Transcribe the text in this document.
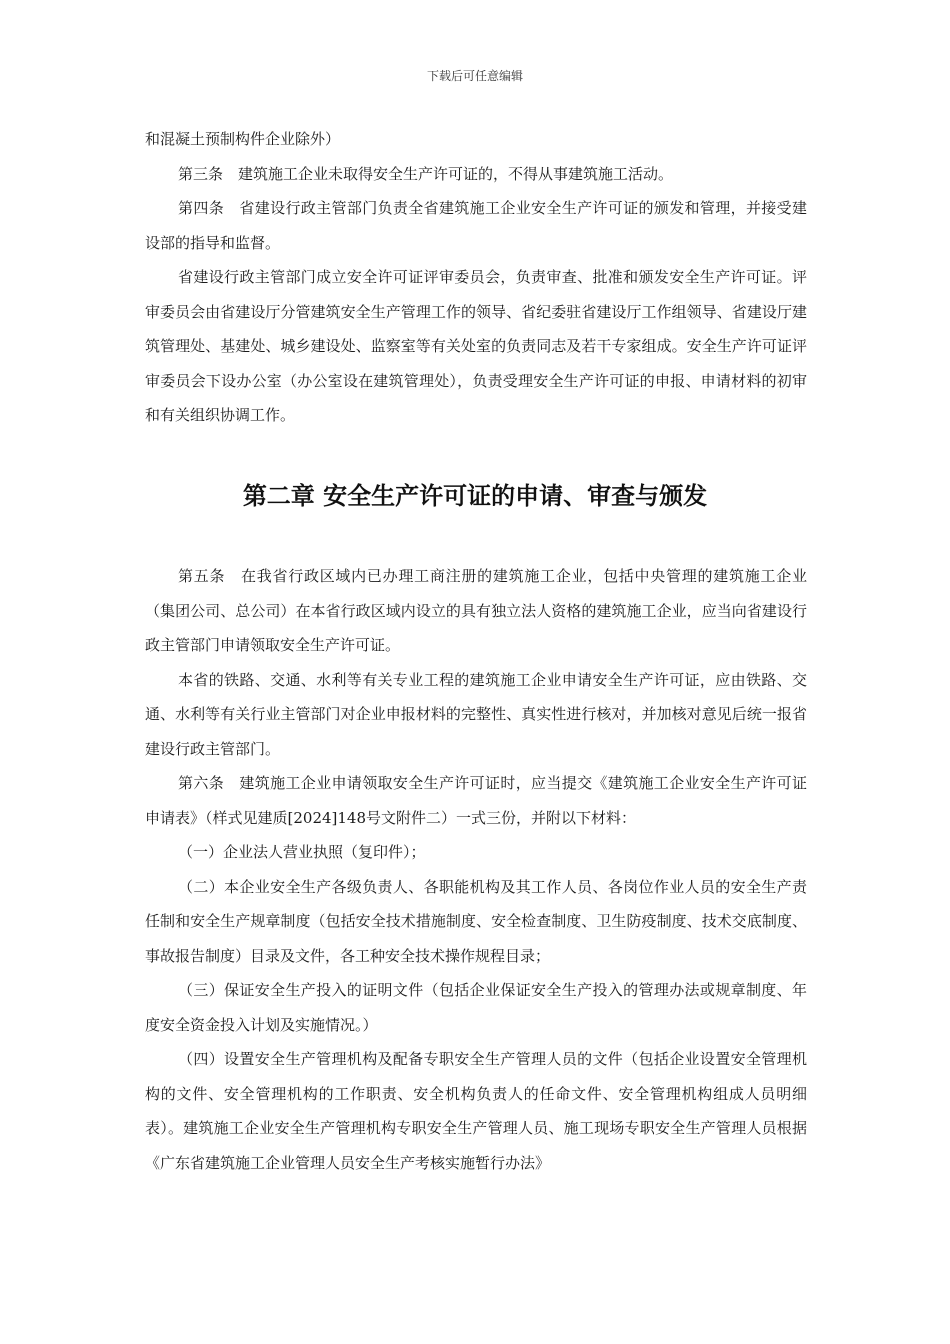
下载后可任意编辑

和混凝土预制构件企业除外）

第三条　建筑施工企业未取得安全生产许可证的，不得从事建筑施工活动。

第四条　省建设行政主管部门负责全省建筑施工企业安全生产许可证的颁发和管理，并接受建设部的指导和监督。

省建设行政主管部门成立安全许可证评审委员会，负责审查、批准和颁发安全生产许可证。评审委员会由省建设厅分管建筑安全生产管理工作的领导、省纪委驻省建设厅工作组领导、省建设厅建筑管理处、基建处、城乡建设处、监察室等有关处室的负责同志及若干专家组成。安全生产许可证评审委员会下设办公室（办公室设在建筑管理处），负责受理安全生产许可证的申报、申请材料的初审和有关组织协调工作。

第二章 安全生产许可证的申请、审查与颁发

第五条　在我省行政区域内已办理工商注册的建筑施工企业，包括中央管理的建筑施工企业（集团公司、总公司）在本省行政区域内设立的具有独立法人资格的建筑施工企业，应当向省建设行政主管部门申请领取安全生产许可证。

本省的铁路、交通、水利等有关专业工程的建筑施工企业申请安全生产许可证，应由铁路、交通、水利等有关行业主管部门对企业申报材料的完整性、真实性进行核对，并加核对意见后统一报省建设行政主管部门。

第六条　建筑施工企业申请领取安全生产许可证时，应当提交《建筑施工企业安全生产许可证申请表》（样式见建质[2024]148号文附件二）一式三份，并附以下材料：

（一）企业法人营业执照（复印件）；

（二）本企业安全生产各级负责人、各职能机构及其工作人员、各岗位作业人员的安全生产责任制和安全生产规章制度（包括安全技术措施制度、安全检查制度、卫生防疫制度、技术交底制度、事故报告制度）目录及文件，各工种安全技术操作规程目录；

（三）保证安全生产投入的证明文件（包括企业保证安全生产投入的管理办法或规章制度、年度安全资金投入计划及实施情况。）

（四）设置安全生产管理机构及配备专职安全生产管理人员的文件（包括企业设置安全管理机构的文件、安全管理机构的工作职责、安全机构负责人的任命文件、安全管理机构组成人员明细表）。建筑施工企业安全生产管理机构专职安全生产管理人员、施工现场专职安全生产管理人员根据《广东省建筑施工企业管理人员安全生产考核实施暂行办法》
